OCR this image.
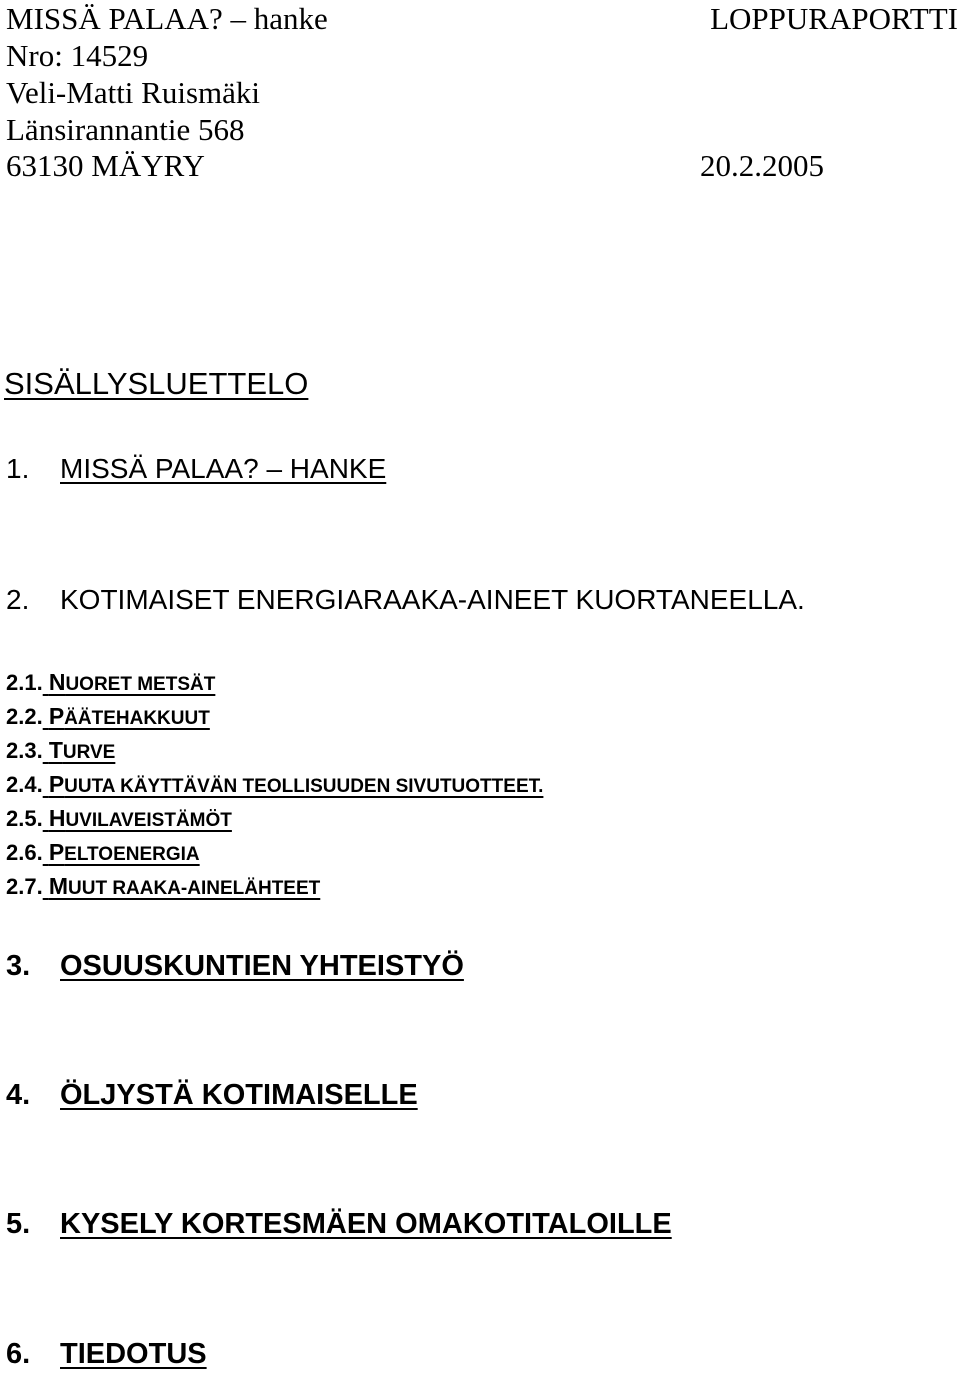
MISSÄ PALAA? – hanke	LOPPURAPORTTI
Nro: 14529
Veli-Matti Ruismäki
Länsirannantie 568
63130 MÄYRY	20.2.2005
SISÄLLYSLUETTELO
1. MISSÄ PALAA? – HANKE
2. KOTIMAISET ENERGIARAAKA-AINEET KUORTANEELLA.
2.1. NUORET METSÄT
2.2. PÄÄTEHAKKUUT
2.3. TURVE
2.4. PUUTA KÄYTTÄVÄN TEOLLISUUDEN SIVUTUOTTEET.
2.5. HUVILAVEISTÄMÖT
2.6. PELTOENERGIA
2.7. MUUT RAAKA-AINELÄHTEET
3. OSUUSKUNTIEN YHTEISTYÖ
4. ÖLJYSTÄ KOTIMAISELLE
5. KYSELY KORTESMÄEN OMAKOTITALOILLE
6. TIEDOTUS
